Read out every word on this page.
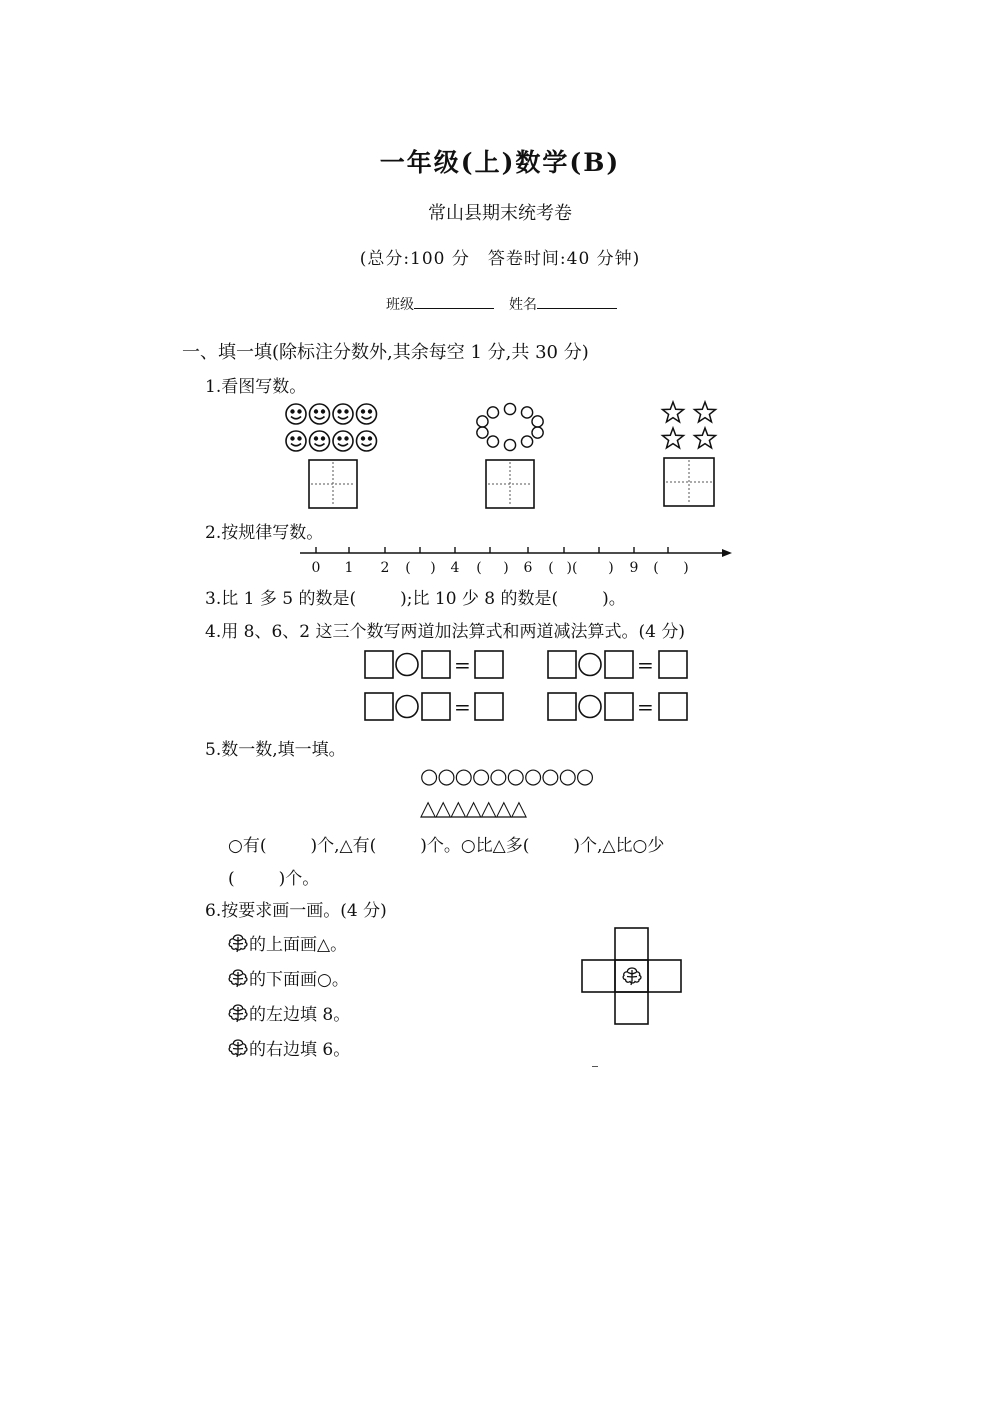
一年级(上)数学(B)
常山县期末统考卷
(总分:100 分　答卷时间:40 分钟)
班级	姓名
一、填一填(除标注分数外,其余每空 1 分,共 30 分)
1.看图写数。
0 1 2 ( ) 4 ( ) 6 ( )( ) 9 ( )
2.按规律写数。
3.比 1 多 5 的数是(	);比 10 少 8 的数是(	)。
4.用 8、6、2 这三个数写两道加法算式和两道减法算式。(4 分)
=	=
=	=
5.数一数,填一填。
○○○○○○○○○○
△△△△△△△
○有(	)个,△有(	)个。○比△多(	)个,△比○少
(	)个。
6.按要求画一画。(4 分)
的上面画△。
的下面画○。
的左边填 8。
的右边填 6。
